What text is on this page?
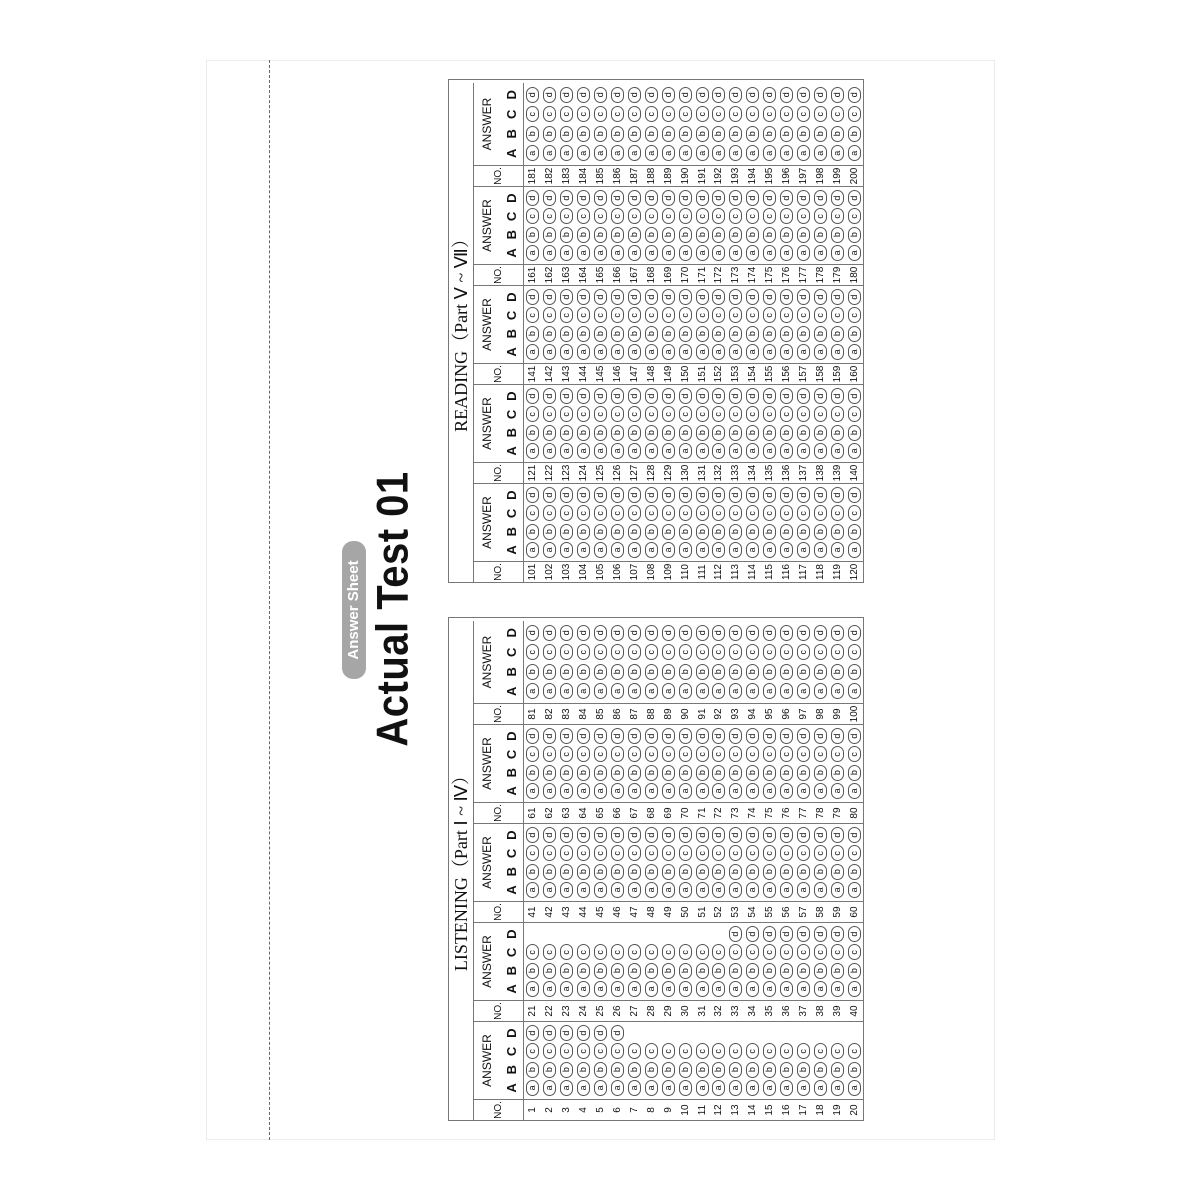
Answer Sheet Actual Test 01
LISTENING（Part Ⅰ ~ Ⅳ）
NO.
ANSWER
A
B
C
D
1
a
b
c
d
2
a
b
c
d
3
a
b
c
d
4
a
b
c
d
5
a
b
c
d
6
a
b
c
d
7
a
b
c
8
a
b
c
9
a
b
c
10
a
b
c
11
a
b
c
12
a
b
c
13
a
b
c
14
a
b
c
15
a
b
c
16
a
b
c
17
a
b
c
18
a
b
c
19
a
b
c
20
a
b
c
NO.
ANSWER
A
B
C
D
21
a
b
c
22
a
b
c
23
a
b
c
24
a
b
c
25
a
b
c
26
a
b
c
27
a
b
c
28
a
b
c
29
a
b
c
30
a
b
c
31
a
b
c
32
a
b
c
33
a
b
c
d
34
a
b
c
d
35
a
b
c
d
36
a
b
c
d
37
a
b
c
d
38
a
b
c
d
39
a
b
c
d
40
a
b
c
d
NO.
ANSWER
A
B
C
D
41
a
b
c
d
42
a
b
c
d
43
a
b
c
d
44
a
b
c
d
45
a
b
c
d
46
a
b
c
d
47
a
b
c
d
48
a
b
c
d
49
a
b
c
d
50
a
b
c
d
51
a
b
c
d
52
a
b
c
d
53
a
b
c
d
54
a
b
c
d
55
a
b
c
d
56
a
b
c
d
57
a
b
c
d
58
a
b
c
d
59
a
b
c
d
60
a
b
c
d
NO.
ANSWER
A
B
C
D
61
a
b
c
d
62
a
b
c
d
63
a
b
c
d
64
a
b
c
d
65
a
b
c
d
66
a
b
c
d
67
a
b
c
d
68
a
b
c
d
69
a
b
c
d
70
a
b
c
d
71
a
b
c
d
72
a
b
c
d
73
a
b
c
d
74
a
b
c
d
75
a
b
c
d
76
a
b
c
d
77
a
b
c
d
78
a
b
c
d
79
a
b
c
d
80
a
b
c
d
NO.
ANSWER
A
B
C
D
81
a
b
c
d
82
a
b
c
d
83
a
b
c
d
84
a
b
c
d
85
a
b
c
d
86
a
b
c
d
87
a
b
c
d
88
a
b
c
d
89
a
b
c
d
90
a
b
c
d
91
a
b
c
d
92
a
b
c
d
93
a
b
c
d
94
a
b
c
d
95
a
b
c
d
96
a
b
c
d
97
a
b
c
d
98
a
b
c
d
99
a
b
c
d
100
a
b
c
d
READING（Part Ⅴ ~ Ⅶ）
NO.
ANSWER
A
B
C
D
101
a
b
c
d
102
a
b
c
d
103
a
b
c
d
104
a
b
c
d
105
a
b
c
d
106
a
b
c
d
107
a
b
c
d
108
a
b
c
d
109
a
b
c
d
110
a
b
c
d
111
a
b
c
d
112
a
b
c
d
113
a
b
c
d
114
a
b
c
d
115
a
b
c
d
116
a
b
c
d
117
a
b
c
d
118
a
b
c
d
119
a
b
c
d
120
a
b
c
d
NO.
ANSWER
A
B
C
D
121
a
b
c
d
122
a
b
c
d
123
a
b
c
d
124
a
b
c
d
125
a
b
c
d
126
a
b
c
d
127
a
b
c
d
128
a
b
c
d
129
a
b
c
d
130
a
b
c
d
131
a
b
c
d
132
a
b
c
d
133
a
b
c
d
134
a
b
c
d
135
a
b
c
d
136
a
b
c
d
137
a
b
c
d
138
a
b
c
d
139
a
b
c
d
140
a
b
c
d
NO.
ANSWER
A
B
C
D
141
a
b
c
d
142
a
b
c
d
143
a
b
c
d
144
a
b
c
d
145
a
b
c
d
146
a
b
c
d
147
a
b
c
d
148
a
b
c
d
149
a
b
c
d
150
a
b
c
d
151
a
b
c
d
152
a
b
c
d
153
a
b
c
d
154
a
b
c
d
155
a
b
c
d
156
a
b
c
d
157
a
b
c
d
158
a
b
c
d
159
a
b
c
d
160
a
b
c
d
NO.
ANSWER
A
B
C
D
161
a
b
c
d
162
a
b
c
d
163
a
b
c
d
164
a
b
c
d
165
a
b
c
d
166
a
b
c
d
167
a
b
c
d
168
a
b
c
d
169
a
b
c
d
170
a
b
c
d
171
a
b
c
d
172
a
b
c
d
173
a
b
c
d
174
a
b
c
d
175
a
b
c
d
176
a
b
c
d
177
a
b
c
d
178
a
b
c
d
179
a
b
c
d
180
a
b
c
d
NO.
ANSWER
A
B
C
D
181
a
b
c
d
182
a
b
c
d
183
a
b
c
d
184
a
b
c
d
185
a
b
c
d
186
a
b
c
d
187
a
b
c
d
188
a
b
c
d
189
a
b
c
d
190
a
b
c
d
191
a
b
c
d
192
a
b
c
d
193
a
b
c
d
194
a
b
c
d
195
a
b
c
d
196
a
b
c
d
197
a
b
c
d
198
a
b
c
d
199
a
b
c
d
200
a
b
c
d
